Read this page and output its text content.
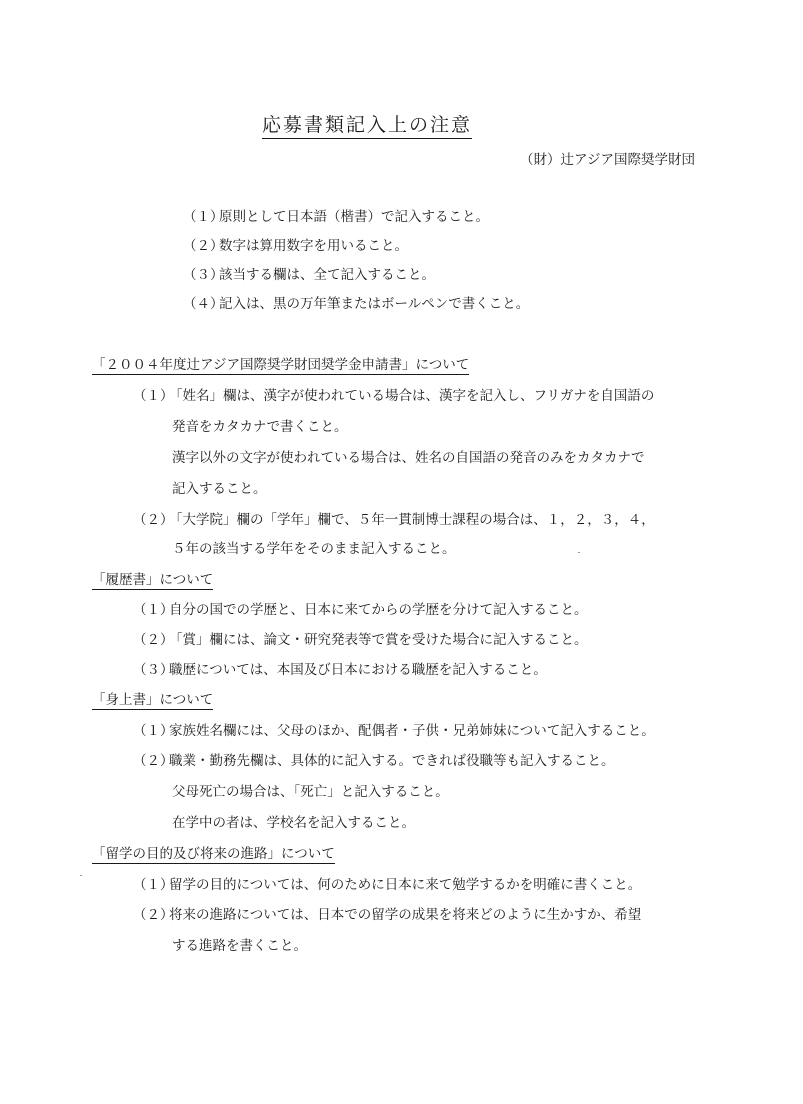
応募書類記入上の注意
（財）辻アジア国際奨学財団
（１）原則として日本語（楷書）で記入すること。
（２）数字は算用数字を用いること。
（３）該当する欄は、全て記入すること。
（４）記入は、黒の万年筆またはボールペンで書くこと。
「２００４年度辻アジア国際奨学財団奨学金申請書」について
（１）「姓名」欄は、漢字が使われている場合は、漢字を記入し、フリガナを自国語の
発音をカタカナで書くこと。
漢字以外の文字が使われている場合は、姓名の自国語の発音のみをカタカナで
記入すること。
（２）「大学院」欄の「学年」欄で、５年一貫制博士課程の場合は、１，２，３，４，
５年の該当する学年をそのまま記入すること。
「履歴書」について
（１）自分の国での学歴と、日本に来てからの学歴を分けて記入すること。
（２）「賞」欄には、論文・研究発表等で賞を受けた場合に記入すること。
（３）職歴については、本国及び日本における職歴を記入すること。
「身上書」について
（１）家族姓名欄には、父母のほか、配偶者・子供・兄弟姉妹について記入すること。
（２）職業・勤務先欄は、具体的に記入する。できれば役職等も記入すること。
父母死亡の場合は、「死亡」と記入すること。
在学中の者は、学校名を記入すること。
「留学の目的及び将来の進路」について
（１）留学の目的については、何のために日本に来て勉学するかを明確に書くこと。
（２）将来の進路については、日本での留学の成果を将来どのように生かすか、希望
する進路を書くこと。
